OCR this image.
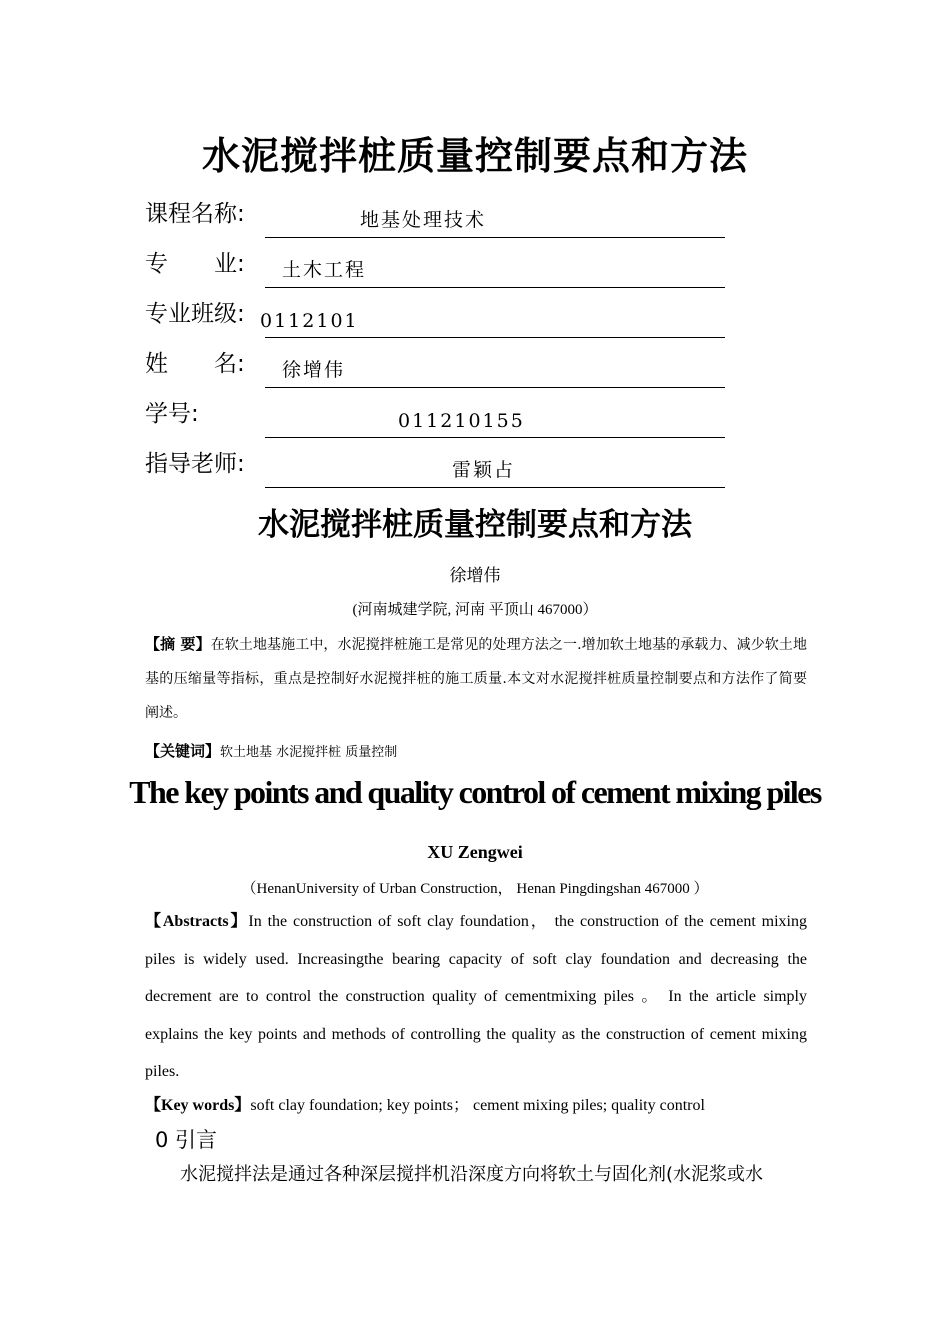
水泥搅拌桩质量控制要点和方法
课程名称:	地基处理技术
专　　业: 土木工程
专业班级: 0112101
姓　　名: 徐增伟
学号:	011210155
指导老师:	雷颖占
水泥搅拌桩质量控制要点和方法
徐增伟
(河南城建学院, 河南 平顶山 467000）
【摘 要】在软土地基施工中，水泥搅拌桩施工是常见的处理方法之一.增加软土地基的承载力、减少软土地基的压缩量等指标，重点是控制好水泥搅拌桩的施工质量.本文对水泥搅拌桩质量控制要点和方法作了简要阐述。
【关键词】软土地基 水泥搅拌桩 质量控制
The key points and quality control of cement mixing piles
XU Zengwei
（HenanUniversity of Urban Construction， Henan Pingdingshan 467000 ）
【Abstracts】In the construction of soft clay foundation， the construction of the cement mixing piles is widely used. Increasingthe bearing capacity of soft clay foundation and decreasing the decrement are to control the construction quality of cementmixing piles 。 In the article simply explains the key points and methods of controlling the quality as the construction of cement mixing piles.
【Key words】soft clay foundation; key points； cement mixing piles; quality control
0 引言
水泥搅拌法是通过各种深层搅拌机沿深度方向将软土与固化剂(水泥浆或水
